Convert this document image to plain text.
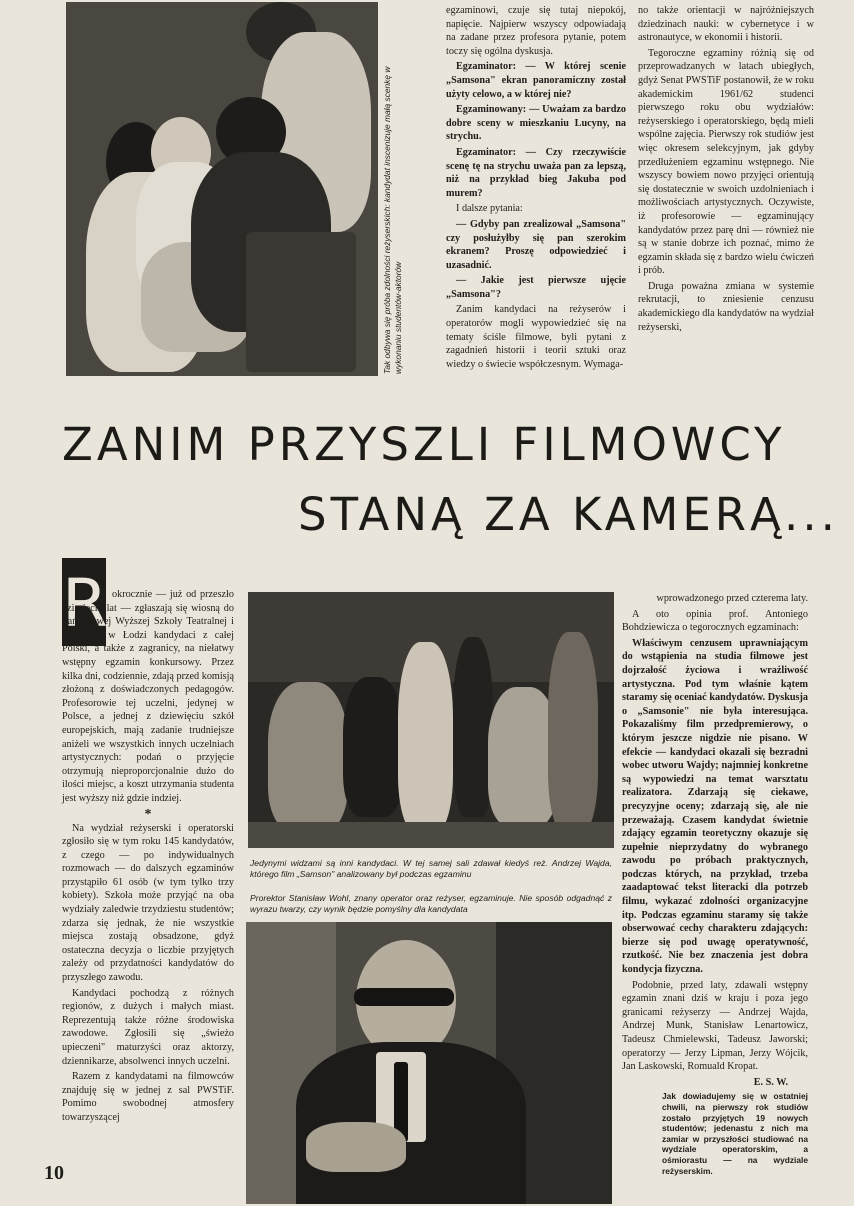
Tak odbywa się próba zdolności reżyserskich: kandydat inscenizuje małą scenkę w wykonaniu studentów-aktorów

egzaminowi, czuje się tutaj niepokój, napięcie. Najpierw wszyscy odpowiadają na zadane przez profesora pytanie, potem toczy się ogólna dyskusja.

Egzaminator: — W której scenie „Samsona" ekran panoramiczny został użyty celowo, a w której nie?

Egzaminowany: — Uważam za bardzo dobre sceny w mieszkaniu Lucyny, na strychu.

Egzaminator: — Czy rzeczywiście scenę tę na strychu uważa pan za lepszą, niż na przykład bieg Jakuba pod murem?

I dalsze pytania:

— Gdyby pan zrealizował „Samsona" czy posłużyłby się pan szerokim ekranem? Proszę odpowiedzieć i uzasadnić.

— Jakie jest pierwsze ujęcie „Samsona"?

Zanim kandydaci na reżyserów i operatorów mogli wypowiedzieć się na tematy ściśle filmowe, byli pytani z zagadnień historii i teorii sztuki oraz wiedzy o świecie współczesnym. Wymaga-

no także orientacji w najróżniejszych dziedzinach nauki: w cybernetyce i w astronautyce, w ekonomii i historii.

Tegoroczne egzaminy różnią się od przeprowadzanych w latach ubiegłych, gdyż Senat PWSTiF postanowił, że w roku akademickim 1961/62 studenci pierwszego roku obu wydziałów: reżyserskiego i operatorskiego, będą mieli wspólne zajęcia. Pierwszy rok studiów jest więc okresem selekcyjnym, jak gdyby przedłużeniem egzaminu wstępnego. Nie wszyscy bowiem nowo przyjęci orientują się dostatecznie w swoich uzdolnieniach i możliwościach artystycznych. Oczywiste, iż profesorowie — egzaminujący kandydatów przez parę dni — również nie są w stanie dobrze ich poznać, mimo że egzamin składa się z bardzo wielu ćwiczeń i prób.

Druga poważna zmiana w systemie rekrutacji, to zniesienie cenzusu akademickiego dla kandydatów na wydział reżyserski,

ZANIM PRZYSZLI FILMOWCY
STANĄ ZA KAMERĄ...
R okrocznie — już od przeszło dziesięciu lat — zgłaszają się wiosną do Państwowej Wyższej Szkoły Teatralnej i Filmowej w Łodzi kandydaci z całej Polski, a także z zagranicy, na niełatwy wstępny egzamin konkursowy. Przez kilka dni, codziennie, zdają przed komisją złożoną z doświadczonych pedagogów. Profesorowie tej uczelni, jedynej w Polsce, a jednej z dziewięciu szkół europejskich, mają zadanie trudniejsze aniżeli we wszystkich innych uczelniach artystycznych: podań o przyjęcie otrzymują nieproporcjonalnie dużo do ilości miejsc, a koszt utrzymania studenta jest wyższy niż gdzie indziej.

*

Na wydział reżyserski i operatorski zgłosiło się w tym roku 145 kandydatów, z czego — po indywidualnych rozmowach — do dalszych egzaminów przystąpiło 61 osób (w tym tylko trzy kobiety). Szkoła może przyjąć na oba wydziały zaledwie trzydziestu studentów; zdarza się jednak, że nie wszystkie miejsca zostają obsadzone, gdyż ostateczna decyzja o liczbie przyjętych zależy od przydatności kandydatów do przyszłego zawodu.

Kandydaci pochodzą z różnych regionów, z dużych i małych miast. Reprezentują także różne środowiska zawodowe. Zgłosili się „świeżo upieczeni" maturzyści oraz aktorzy, dziennikarze, absolwenci innych uczelni.

Razem z kandydatami na filmowców znajduję się w jednej z sal PWSTiF. Pomimo swobodnej atmosfery towarzyszącej

Jedynymi widzami są inni kandydaci. W tej samej sali zdawał kiedyś reż. Andrzej Wajda, którego film „Samson" analizowany był podczas egzaminu
Prorektor Stanisław Wohl, znany operator oraz reżyser, egzaminuje. Nie sposób odgadnąć z wyrazu twarzy, czy wynik będzie pomyślny dla kandydata

wprowadzonego przed czterema laty.

A oto opinia prof. Antoniego Bohdziewicza o tegorocznych egzaminach:

Właściwym cenzusem uprawniającym do wstąpienia na studia filmowe jest dojrzałość życiowa i wrażliwość artystyczna. Pod tym właśnie kątem staramy się oceniać kandydatów. Dyskusja o „Samsonie" nie była interesująca. Pokazaliśmy film przedpremierowy, o którym jeszcze nigdzie nie pisano. W efekcie — kandydaci okazali się bezradni wobec utworu Wajdy; najmniej konkretne są wypowiedzi na temat warsztatu realizatora. Zdarzają się ciekawe, precyzyjne oceny; zdarzają się, ale nie przeważają. Czasem kandydat świetnie zdający egzamin teoretyczny okazuje się zupełnie nieprzydatny do wybranego zawodu po próbach praktycznych, podczas których, na przykład, trzeba zaadaptować tekst literacki dla potrzeb filmu, wykazać zdolności organizacyjne itp. Podczas egzaminu staramy się także obserwować cechy charakteru zdających: bierze się pod uwagę operatywność, rzutkość. Nie bez znaczenia jest dobra kondycja fizyczna.

Podobnie, przed laty, zdawali wstępny egzamin znani dziś w kraju i poza jego granicami reżyserzy — Andrzej Wajda, Andrzej Munk, Stanisław Lenartowicz, Tadeusz Chmielewski, Tadeusz Jaworski; operatorzy — Jerzy Lipman, Jerzy Wójcik, Jan Laskowski, Romuald Kropat.

E. S. W.
Jak dowiadujemy się w ostatniej chwili, na pierwszy rok studiów zostało przyjętych 19 nowych studentów; jedenastu z nich ma zamiar w przyszłości studiować na wydziale operatorskim, a ośmiorastu — na wydziale reżyserskim.
10
